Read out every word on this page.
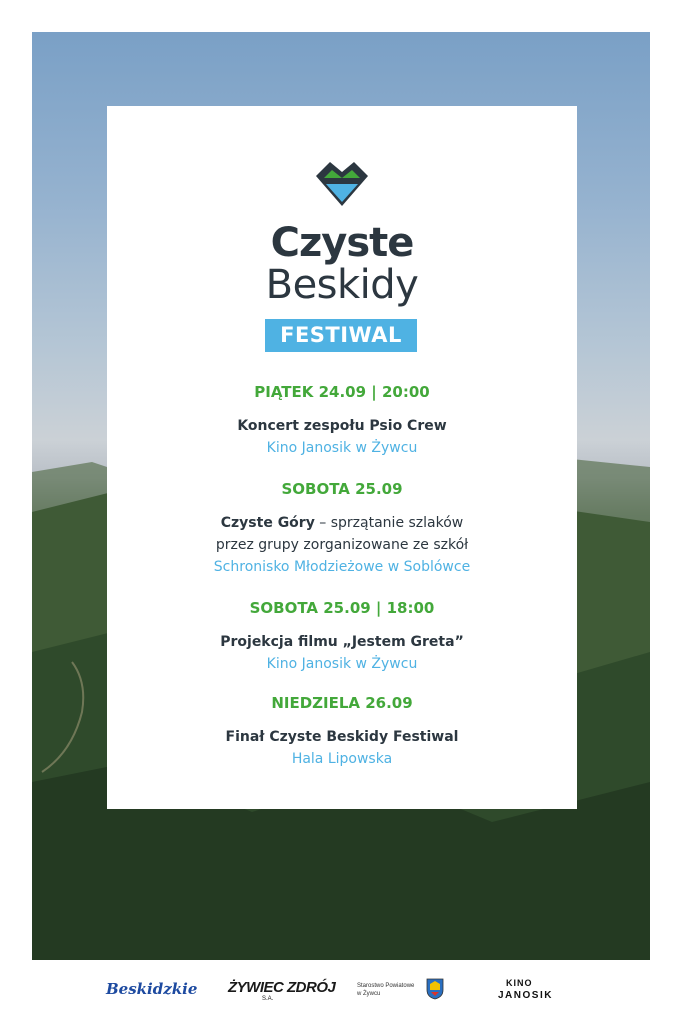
Czyste
Beskidy
FESTIWAL
PIĄTEK 24.09 | 20:00
Koncert zespołu Psio Crew
Kino Janosik w Żywcu
SOBOTA 25.09
Czyste Góry – sprzątanie szlaków
przez grupy zorganizowane ze szkół
Schronisko Młodzieżowe w Soblówce
SOBOTA 25.09 | 18:00
Projekcja filmu „Jestem Greta”
Kino Janosik w Żywcu
NIEDZIELA 26.09
Finał Czyste Beskidy Festiwal
Hala Lipowska
Beskidzkie ŻYWIEC ZDRÓJ
S.A.
Starostwo Powiatowe
w Żywcu
KINO
JANOSIK
